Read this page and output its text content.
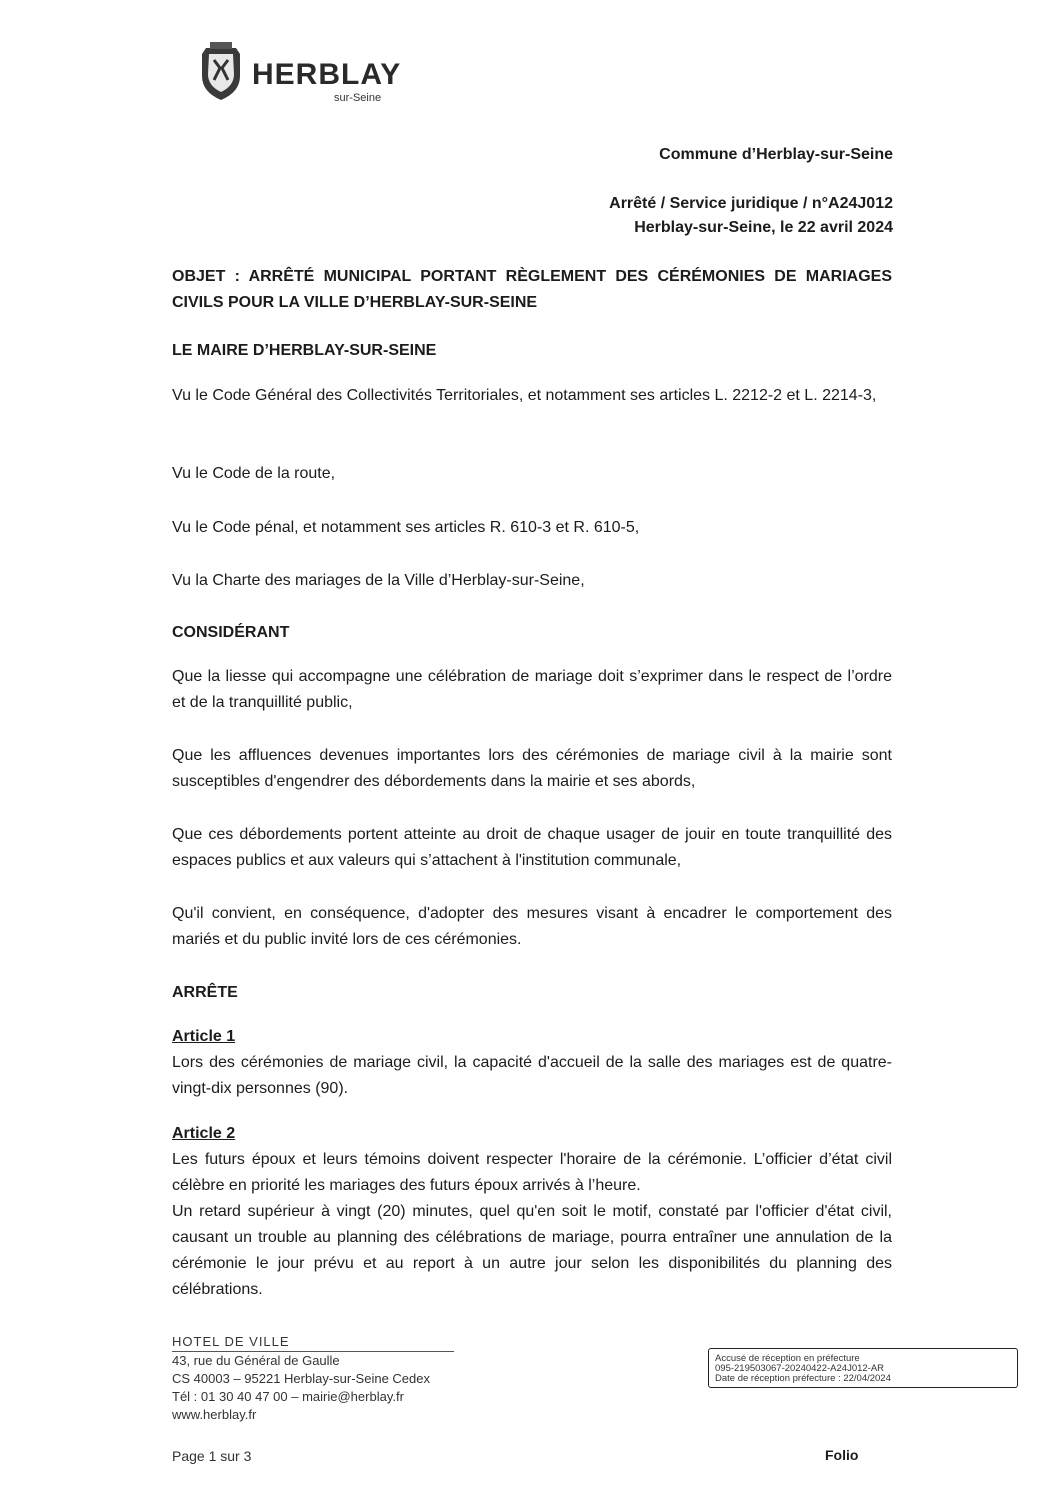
HERBLAY
sur-Seine
Commune d’Herblay-sur-Seine
Arrêté / Service juridique / n°A24J012
Herblay-sur-Seine, le 22 avril 2024
OBJET : ARRÊTÉ MUNICIPAL PORTANT RÈGLEMENT DES CÉRÉMONIES DE MARIAGES CIVILS POUR LA VILLE D’HERBLAY-SUR-SEINE
LE MAIRE D’HERBLAY-SUR-SEINE
Vu le Code Général des Collectivités Territoriales, et notamment ses articles L. 2212-2 et L. 2214-3,
Vu le Code de la route,
Vu le Code pénal, et notamment ses articles R. 610-3 et R. 610-5,
Vu la Charte des mariages de la Ville d’Herblay-sur-Seine,
CONSIDÉRANT
Que la liesse qui accompagne une célébration de mariage doit s’exprimer dans le respect de l’ordre et de la tranquillité public,
Que les affluences devenues importantes lors des cérémonies de mariage civil à la mairie sont susceptibles d'engendrer des débordements dans la mairie et ses abords,
Que ces débordements portent atteinte au droit de chaque usager de jouir en toute tranquillité des espaces publics et aux valeurs qui s’attachent à l'institution communale,
Qu'il convient, en conséquence, d'adopter des mesures visant à encadrer le comportement des mariés et du public invité lors de ces cérémonies.
ARRÊTE
Article 1
Lors des cérémonies de mariage civil, la capacité d'accueil de la salle des mariages est de quatre-vingt-dix personnes (90).
Article 2
Les futurs époux et leurs témoins doivent respecter l'horaire de la cérémonie. L’officier d’état civil célèbre en priorité les mariages des futurs époux arrivés à l’heure.
Un retard supérieur à vingt (20) minutes, quel qu'en soit le motif, constaté par l'officier d'état civil, causant un trouble au planning des célébrations de mariage, pourra entraîner une annulation de la cérémonie le jour prévu et au report à un autre jour selon les disponibilités du planning des célébrations.
HOTEL DE VILLE
43, rue du Général de Gaulle
CS 40003 – 95221 Herblay-sur-Seine Cedex
Tél : 01 30 40 47 00 – mairie@herblay.fr
www.herblay.fr
Accusé de réception en préfecture
095-219503067-20240422-A24J012-AR
Date de réception préfecture : 22/04/2024
Page 1 sur 3	Folio
